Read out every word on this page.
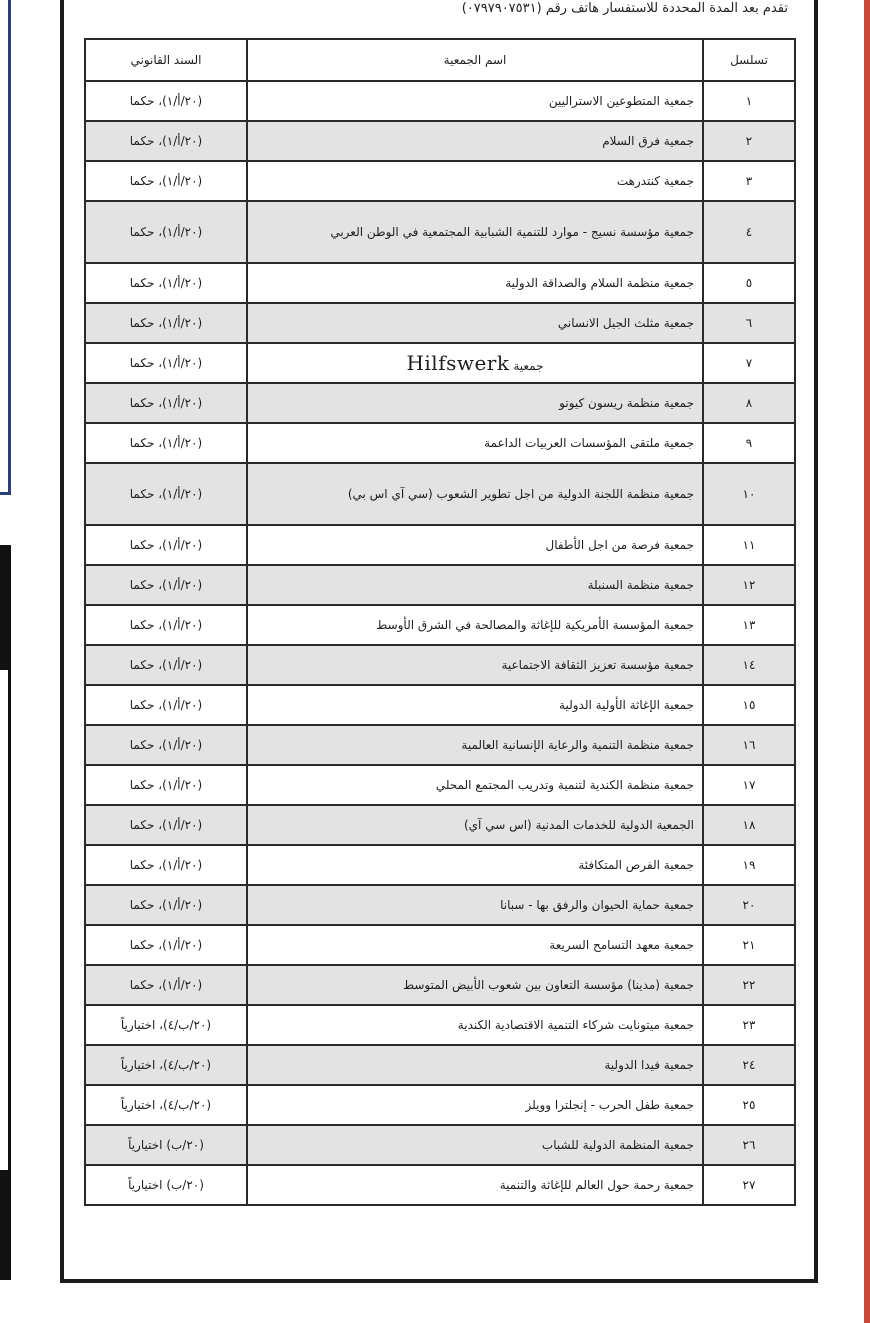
تقدم بعد المدة المحددة للاستفسار هاتف رقم (٠٧٩٧٩٠٧٥٣١)
تسلسل	اسم الجمعية	السند القانوني
١	جمعية المتطوعين الاستراليين	(٢٠/أ/١)، حكما
٢	جمعية فرق السلام	(٢٠/أ/١)، حكما
٣	جمعية كنتدرهت	(٢٠/أ/١)، حكما
٤	جمعية مؤسسة نسيج - موارد للتنمية الشبابية المجتمعية في الوطن العربي	(٢٠/أ/١)، حكما
٥	جمعية منظمة السلام والصداقة الدولية	(٢٠/أ/١)، حكما
٦	جمعية مثلث الجيل الانساني	(٢٠/أ/١)، حكما
٧	جمعية Hilfswerk	(٢٠/أ/١)، حكما
٨	جمعية منظمة ريسون كيوتو	(٢٠/أ/١)، حكما
٩	جمعية ملتقى المؤسسات العربيات الداعمة	(٢٠/أ/١)، حكما
١٠	جمعية منظمة اللجنة الدولية من اجل تطوير الشعوب (سي آي اس بي)	(٢٠/أ/١)، حكما
١١	جمعية فرصة من اجل الأطفال	(٢٠/أ/١)، حكما
١٢	جمعية منظمة السنبلة	(٢٠/أ/١)، حكما
١٣	جمعية المؤسسة الأمريكية للإغاثة والمصالحة في الشرق الأوسط	(٢٠/أ/١)، حكما
١٤	جمعية مؤسسة تعزيز الثقافة الاجتماعية	(٢٠/أ/١)، حكما
١٥	جمعية الإغاثة الأولية الدولية	(٢٠/أ/١)، حكما
١٦	جمعية منظمة التنمية والرعاية الإنسانية العالمية	(٢٠/أ/١)، حكما
١٧	جمعية منظمة الكندية لتنمية وتدريب المجتمع المحلي	(٢٠/أ/١)، حكما
١٨	الجمعية الدولية للخدمات المدنية (اس سي آي)	(٢٠/أ/١)، حكما
١٩	جمعية الفرص المتكافئة	(٢٠/أ/١)، حكما
٢٠	جمعية حماية الحيوان والرفق بها - سبانا	(٢٠/أ/١)، حكما
٢١	جمعية معهد التسامح السريعة	(٢٠/أ/١)، حكما
٢٢	جمعية (مدينا) مؤسسة التعاون بين شعوب الأبيض المتوسط	(٢٠/أ/١)، حكما
٢٣	جمعية ميتونايت شركاء التنمية الاقتصادية الكندية	(٢٠/ب/٤)، اختيارياً
٢٤	جمعية فيدا الدولية	(٢٠/ب/٤)، اختيارياً
٢٥	جمعية طفل الحرب - إنجلترا وويلز	(٢٠/ب/٤)، اختيارياً
٢٦	جمعية المنظمة الدولية للشباب	(٢٠/ب) اختيارياً
٢٧	جمعية رحمة حول العالم للإغاثة والتنمية	(٢٠/ب) اختيارياً
